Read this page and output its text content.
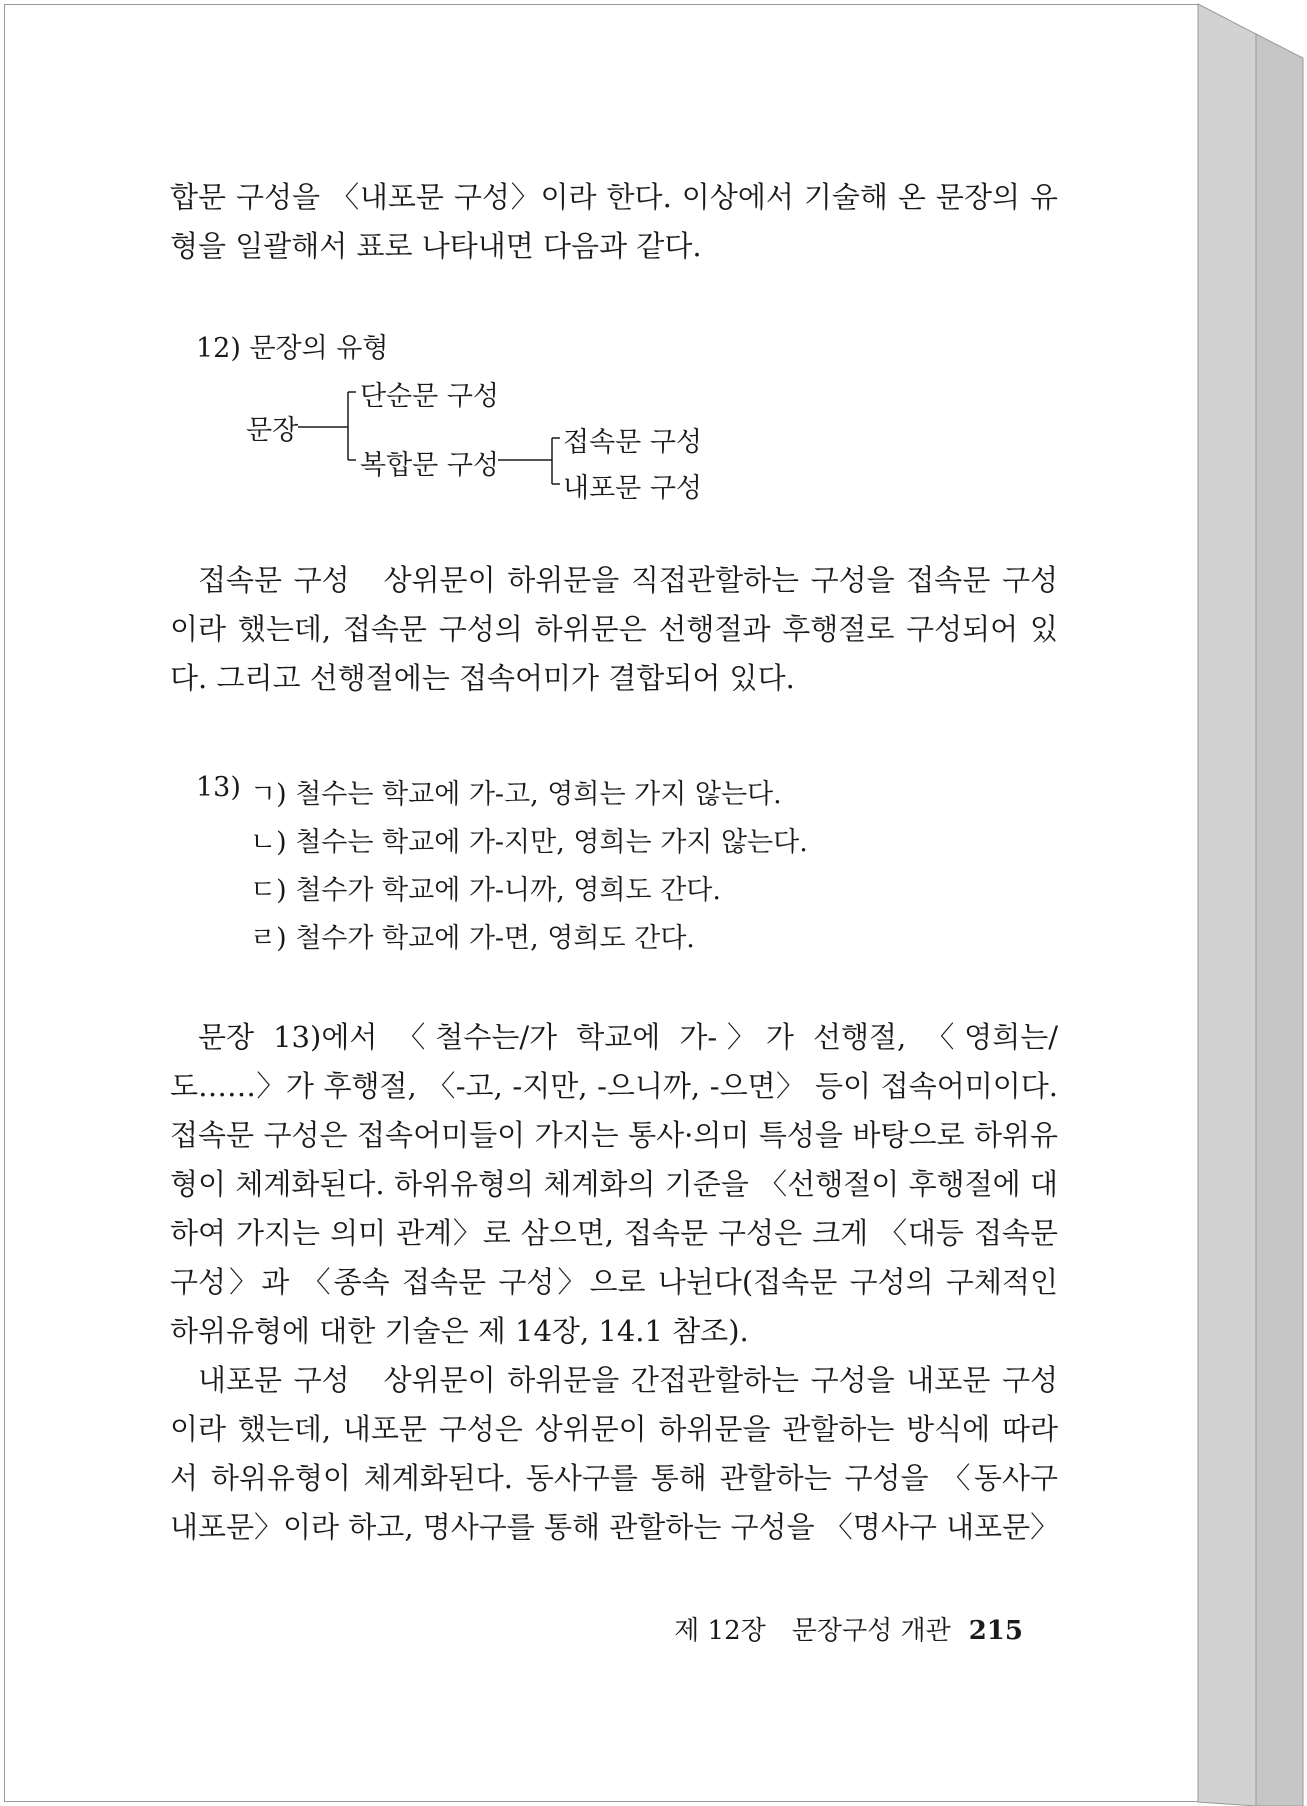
합문 구성을 〈내포문 구성〉이라 한다. 이상에서 기술해 온 문장의 유형을 일괄해서 표로 나타내면 다음과 같다.

12) 문장의 유형
문장
단순문 구성
복합문 구성
접속문 구성
내포문 구성

접속문 구성　상위문이 하위문을 직접관할하는 구성을 접속문 구성이라 했는데, 접속문 구성의 하위문은 선행절과 후행절로 구성되어 있다. 그리고 선행절에는 접속어미가 결합되어 있다.

13) ㄱ) 철수는 학교에 가-고, 영희는 가지 않는다.
ㄴ) 철수는 학교에 가-지만, 영희는 가지 않는다.
ㄷ) 철수가 학교에 가-니까, 영희도 간다.
ㄹ) 철수가 학교에 가-면, 영희도 간다.

문장 13)에서 〈철수는/가 학교에 가-〉가 선행절, 〈영희는/도……〉가 후행절, 〈-고, -지만, -으니까, -으면〉 등이 접속어미이다. 접속문 구성은 접속어미들이 가지는 통사·의미 특성을 바탕으로 하위유형이 체계화된다. 하위유형의 체계화의 기준을 〈선행절이 후행절에 대하여 가지는 의미 관계〉로 삼으면, 접속문 구성은 크게 〈대등 접속문 구성〉과 〈종속 접속문 구성〉으로 나뉜다(접속문 구성의 구체적인 하위유형에 대한 기술은 제 14장, 14.1 참조).

내포문 구성　상위문이 하위문을 간접관할하는 구성을 내포문 구성이라 했는데, 내포문 구성은 상위문이 하위문을 관할하는 방식에 따라서 하위유형이 체계화된다. 동사구를 통해 관할하는 구성을 〈동사구 내포문〉이라 하고, 명사구를 통해 관할하는 구성을 〈명사구 내포문〉

제 12장　문장구성 개관 215
